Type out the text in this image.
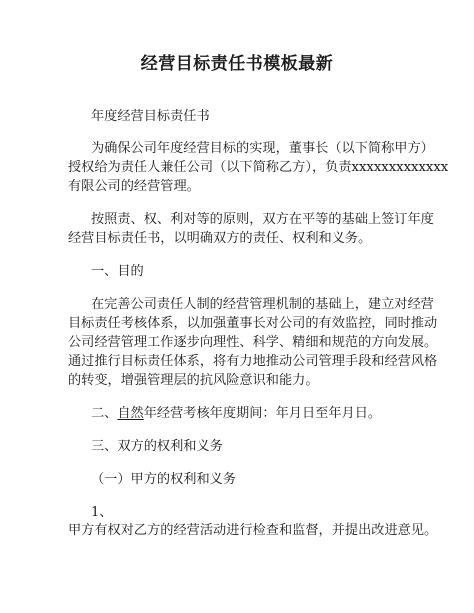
经营目标责任书模板最新
年度经营目标责任书
为确保公司年度经营目标的实现，董事长（以下简称甲方）
授权给为责任人兼任公司（以下简称乙方），负责xxxxxxxxxxxxx
有限公司的经营管理。
按照责、权、利对等的原则，双方在平等的基础上签订年度
经营目标责任书，以明确双方的责任、权利和义务。
一、目的
在完善公司责任人制的经营管理机制的基础上，建立对经营
目标责任考核体系，以加强董事长对公司的有效监控，同时推动
公司经营管理工作逐步向理性、科学、精细和规范的方向发展。
通过推行目标责任体系，将有力地推动公司管理手段和经营风格
的转变，增强管理层的抗风险意识和能力。
二、自然年经营考核年度期间：年月日至年月日。
三、双方的权利和义务
（一）甲方的权利和义务
1、
甲方有权对乙方的经营活动进行检查和监督，并提出改进意见。
